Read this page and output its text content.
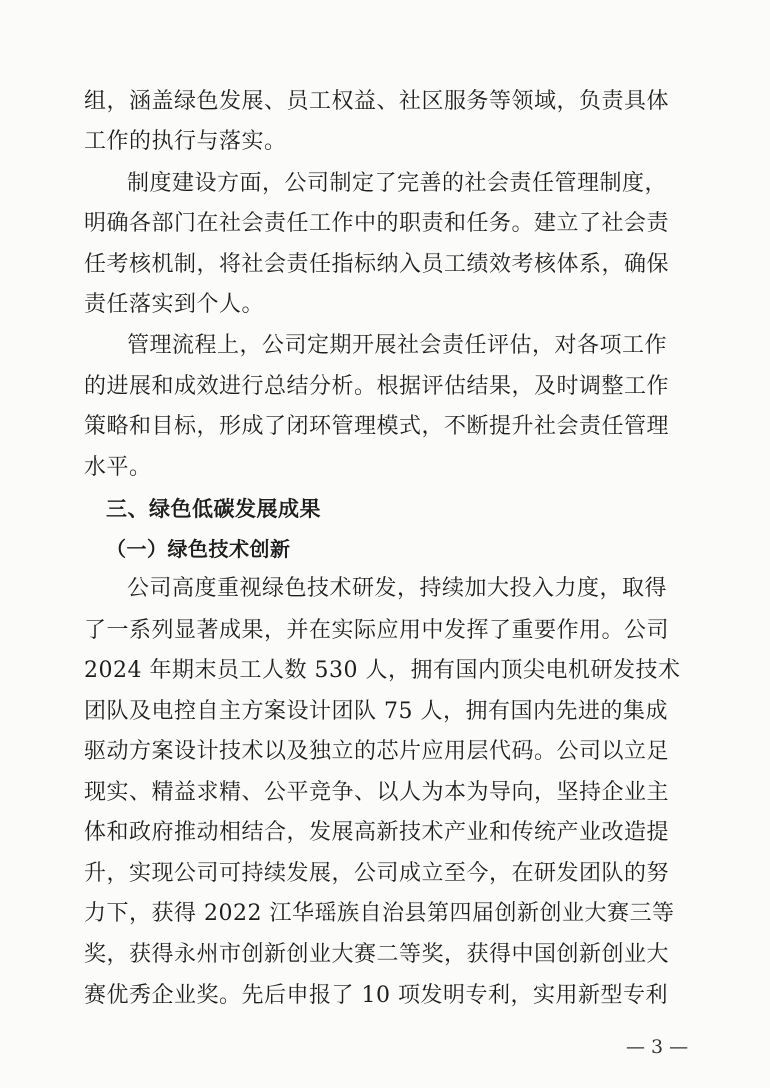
组，涵盖绿色发展、员工权益、社区服务等领域，负责具体
工作的执行与落实。
制度建设方面，公司制定了完善的社会责任管理制度，
明确各部门在社会责任工作中的职责和任务。建立了社会责
任考核机制，将社会责任指标纳入员工绩效考核体系，确保
责任落实到个人。
管理流程上，公司定期开展社会责任评估，对各项工作
的进展和成效进行总结分析。根据评估结果，及时调整工作
策略和目标，形成了闭环管理模式，不断提升社会责任管理
水平。
三、绿色低碳发展成果
（一）绿色技术创新
公司高度重视绿色技术研发，持续加大投入力度，取得
了一系列显著成果，并在实际应用中发挥了重要作用。公司
2024 年期末员工人数 530 人，拥有国内顶尖电机研发技术
团队及电控自主方案设计团队 75 人，拥有国内先进的集成
驱动方案设计技术以及独立的芯片应用层代码。公司以立足
现实、精益求精、公平竞争、以人为本为导向，坚持企业主
体和政府推动相结合，发展高新技术产业和传统产业改造提
升，实现公司可持续发展，公司成立至今，在研发团队的努
力下，获得 2022 江华瑶族自治县第四届创新创业大赛三等
奖，获得永州市创新创业大赛二等奖，获得中国创新创业大
赛优秀企业奖。先后申报了 10 项发明专利，实用新型专利
— 3 —
